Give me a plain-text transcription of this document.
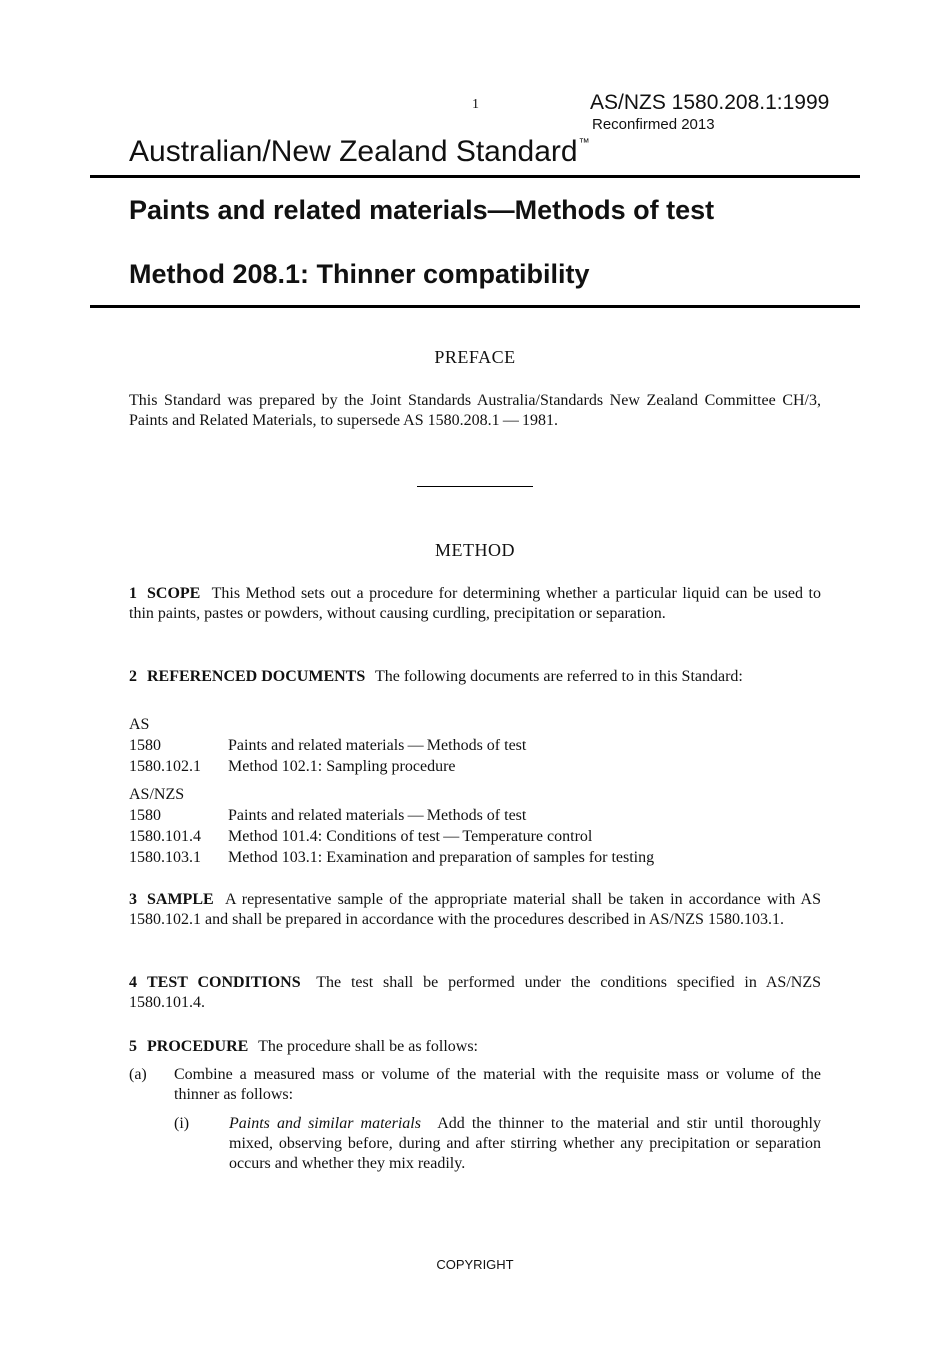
1	AS/NZS 1580.208.1:1999
Reconfirmed 2013
Australian/New Zealand Standard™
Paints and related materials—Methods of test
Method 208.1: Thinner compatibility
PREFACE
This Standard was prepared by the Joint Standards Australia/Standards New Zealand Committee CH/3, Paints and Related Materials, to supersede AS 1580.208.1 — 1981.
METHOD
1 SCOPE This Method sets out a procedure for determining whether a particular liquid can be used to thin paints, pastes or powders, without causing curdling, precipitation or separation.
2 REFERENCED DOCUMENTS The following documents are referred to in this Standard:
AS
1580	Paints and related materials — Methods of test
1580.102.1 Method 102.1: Sampling procedure
AS/NZS
1580	Paints and related materials — Methods of test
1580.101.4 Method 101.4: Conditions of test — Temperature control
1580.103.1 Method 103.1: Examination and preparation of samples for testing
3 SAMPLE A representative sample of the appropriate material shall be taken in accordance with AS 1580.102.1 and shall be prepared in accordance with the procedures described in AS/NZS 1580.103.1.
4 TEST CONDITIONS The test shall be performed under the conditions specified in AS/NZS 1580.101.4.
5 PROCEDURE The procedure shall be as follows:
(a) Combine a measured mass or volume of the material with the requisite mass or volume of the thinner as follows:
(i) Paints and similar materials Add the thinner to the material and stir until thoroughly mixed, observing before, during and after stirring whether any precipitation or separation occurs and whether they mix readily.
COPYRIGHT
